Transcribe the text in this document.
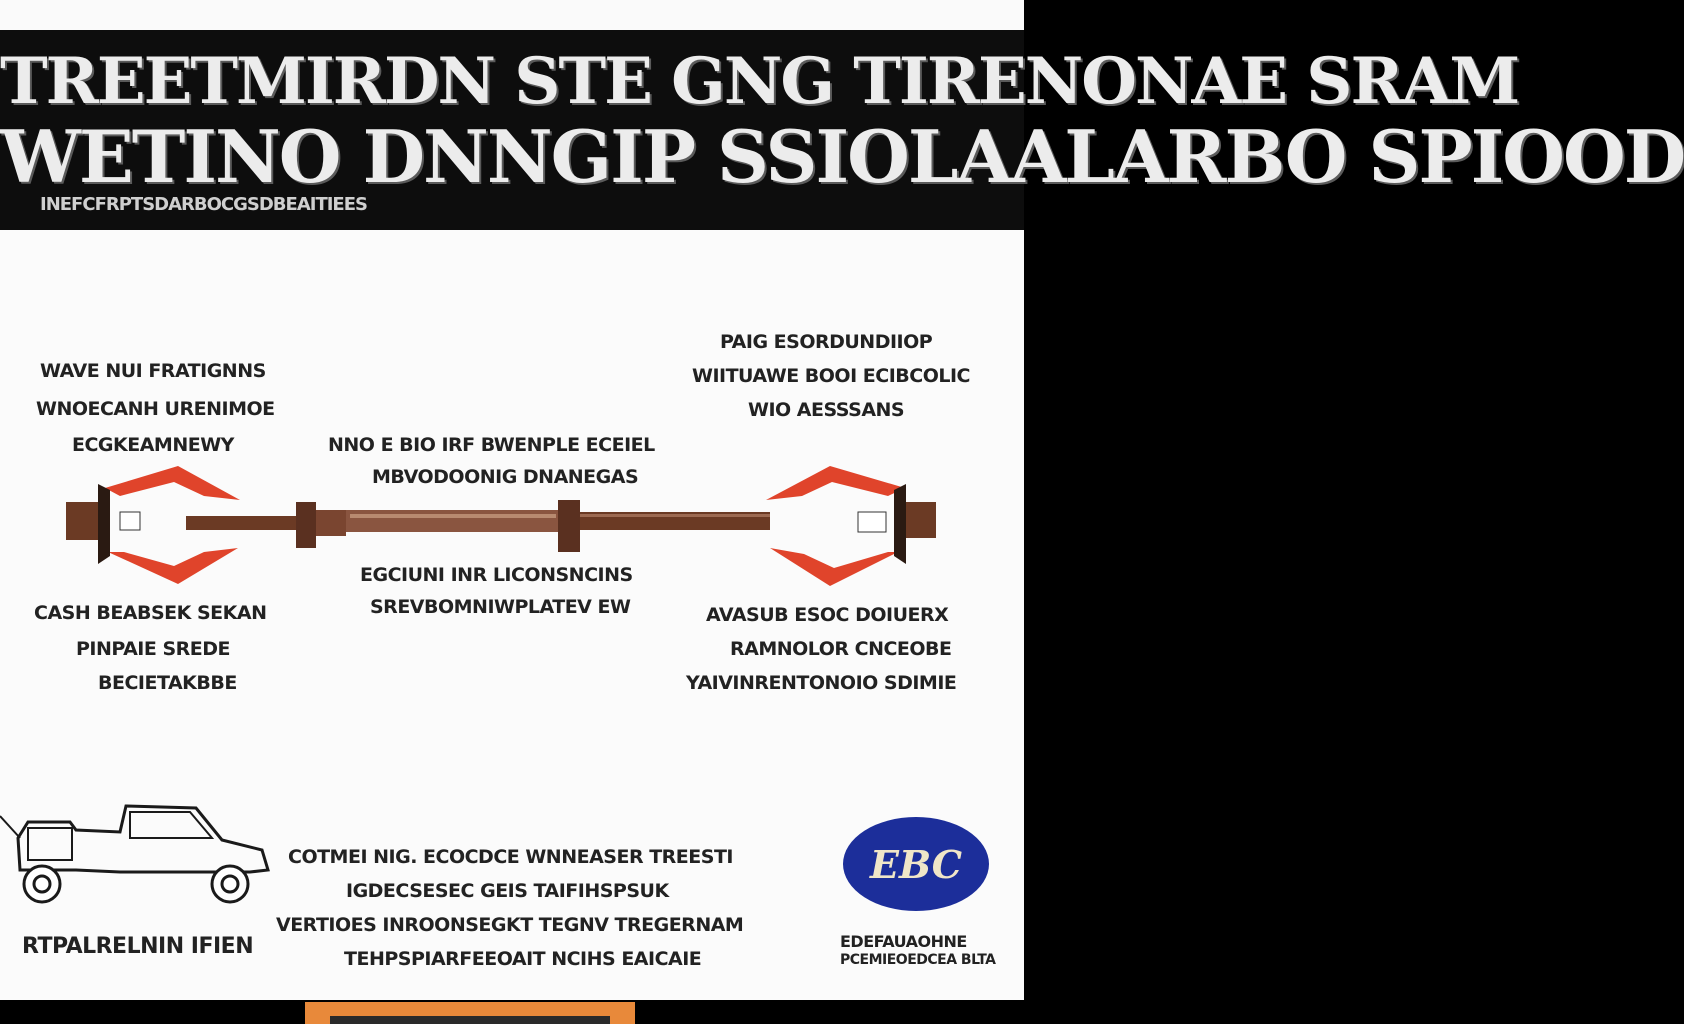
TREETMIRDN STE GNG TIRENONAE SRAM
WETINO DNNGIP SSIOLAALARBO SPIOOD
INEFCFRPTSDARBOCGSDBEAITIEES
WAVE NUI FRATIGNNS
WNOECANH URENIMOE
ECGKEAMNEWY
PAIG ESORDUNDIIOP
WIITUAWE BOOI ECIBCOLIC
WIO AESSSANS
NNO E BIO IRF BWENPLE ECEIEL
MBVODOONIG DNANEGAS
EGCIUNI INR LICONSNCINS
SREVBOMNIWPLATEV EW
CASH BEABSEK SEKAN
PINPAIE SREDE
BECIETAKBBE
AVASUB ESOC DOIUERX
RAMNOLOR CNCEOBE
YAIVINRENTONOIO SDIMIE
COTMEI NIG. ECOCDCE WNNEASER TREESTI
IGDECSESEC GEIS TAIFIHSPSUK
VERTIOES INROONSEGKT TEGNV TREGERNAM
TEHPSPIARFEEOAIT NCIHS EAICAIE
RTPALRELNIN IFIEN
EBC
EDEFAUAOHNE
PCEMIEOEDCEA BLTA
